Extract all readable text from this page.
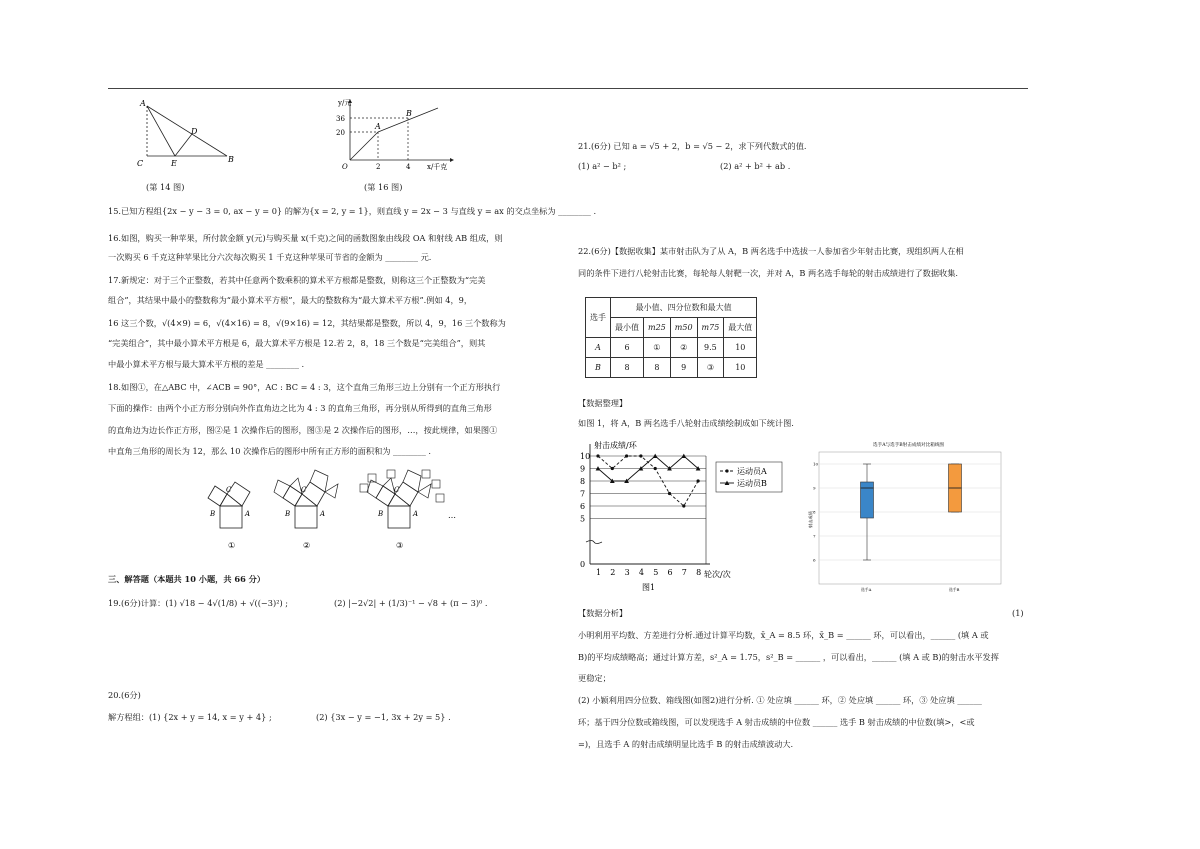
A
B
C
D
E
(第 14 图)
y/元
x/千克
36
20
2	4
O
A
B
(第 16 图)
15.已知方程组{2x − y − 3 = 0, ax − y = 0} 的解为{x = 2, y = 1}，则直线 y = 2x − 3 与直线 y = ax 的交点坐标为 ________ .
16.如图，购买一种苹果，所付款金额 y(元)与购买量 x(千克)之间的函数图象由线段 OA 和射线 AB 组成，则
一次购买 6 千克这种苹果比分六次每次购买 1 千克这种苹果可节省的金额为 ________ 元.
17.新规定：对于三个正整数，若其中任意两个数乘积的算术平方根都是整数，则称这三个正整数为“完美
组合”，其结果中最小的整数称为“最小算术平方根”，最大的整数称为“最大算术平方根”.例如 4，9，
16 这三个数，√(4×9) = 6，√(4×16) = 8，√(9×16) = 12，其结果都是整数，所以 4，9，16 三个数称为
“完美组合”，其中最小算术平方根是 6，最大算术平方根是 12.若 2，8，18 三个数是“完美组合”，则其
中最小算术平方根与最大算术平方根的差是 ________ .
18.如图①，在△ABC 中，∠ACB = 90°，AC : BC = 4 : 3，这个直角三角形三边上分别有一个正方形执行
下面的操作：由两个小正方形分别向外作直角边之比为 4 : 3 的直角三角形，再分别从所得到的直角三角形
的直角边为边长作正方形，图②是 1 次操作后的图形，图③是 2 次操作后的图形，…，按此规律，如果图①
中直角三角形的周长为 12，那么 10 次操作后的图形中所有正方形的面积和为 ________ .
C
B	A
C
B	A
C
B	A	…
①	②	③
三、解答题（本题共 10 小题，共 66 分）
19.(6分)计算：(1) √18 − 4√(1/8) + √((−3)²) ;	(2) |−2√2| + (1/3)⁻¹ − √8 + (π − 3)⁰ .
20.(6分)
解方程组：(1) {2x + y = 14, x = y + 4} ;	(2) {3x − y = −1, 3x + 2y = 5} .
21.(6分) 已知 a = √5 + 2，b = √5 − 2，求下列代数式的值.
(1) a² − b² ;	(2) a² + b² + ab .
22.(6分)【数据收集】某市射击队为了从 A，B 两名选手中选拔一人参加省少年射击比赛，现组织两人在相
同的条件下进行八轮射击比赛，每轮每人射靶一次，并对 A，B 两名选手每轮的射击成绩进行了数据收集.
选手	最小值、四分位数和最大值				
	最小值	m25	m50	m75	最大值
A	6	①	②	9.5	10
B	8	8	9	③	10
【数据整理】
如图 1，将 A，B 两名选手八轮射击成绩绘制成如下统计图.
0
5
6
7
8
9
10
1 2 3 4 5 6 7 8
射击成绩/环
轮次/次
运动员A
运动员B
图1
选手A与选手B射击成绩对比箱线图
6
7
8
9
10
射击成绩
选手A	选手B
【数据分析】	(1)
小明利用平均数、方差进行分析.通过计算平均数，x̄_A = 8.5 环，x̄_B = ______ 环，可以看出，______ (填 A 或
B)的平均成绩略高；通过计算方差，s²_A = 1.75，s²_B = ______ ，可以看出，______ (填 A 或 B)的射击水平发挥
更稳定；
(2) 小颖利用四分位数、箱线图(如图2)进行分析. ① 处应填 ______ 环，② 处应填 ______ 环，③ 处应填 ______
环；基于四分位数或箱线图，可以发现选手 A 射击成绩的中位数 ______ 选手 B 射击成绩的中位数(填>，<或
=)，且选手 A 的射击成绩明显比选手 B 的射击成绩波动大.
